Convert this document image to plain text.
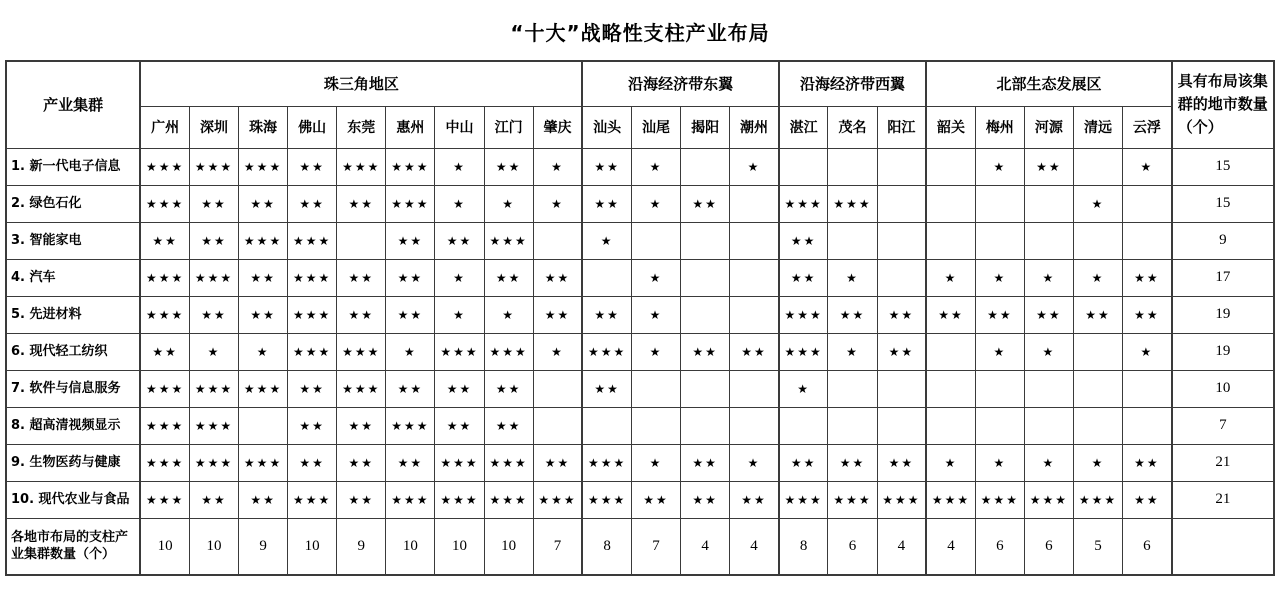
“十大”战略性支柱产业布局
产业集群	珠三角地区									沿海经济带东翼				沿海经济带西翼			北部生态发展区					具有布局该集群的地市数量（个）
	广州	深圳	珠海	佛山	东莞	惠州	中山	江门	肇庆	汕头	汕尾	揭阳	潮州	湛江	茂名	阳江	韶关	梅州	河源	清远	云浮	
1. 新一代电子信息	★★★	★★★	★★★	★★	★★★	★★★	★	★★	★	★★	★		★					★	★★		★	15
2. 绿色石化	★★★	★★	★★	★★	★★	★★★	★	★	★	★★	★	★★		★★★	★★★					★		15
3. 智能家电	★★	★★	★★★	★★★		★★	★★	★★★		★				★★								9
4. 汽车	★★★	★★★	★★	★★★	★★	★★	★	★★	★★		★			★★	★		★	★	★	★	★★	17
5. 先进材料	★★★	★★	★★	★★★	★★	★★	★	★	★★	★★	★			★★★	★★	★★	★★	★★	★★	★★	★★	19
6. 现代轻工纺织	★★	★	★	★★★	★★★	★	★★★	★★★	★	★★★	★	★★	★★	★★★	★	★★		★	★		★	19
7. 软件与信息服务	★★★	★★★	★★★	★★	★★★	★★	★★	★★		★★				★								10
8. 超高清视频显示	★★★	★★★		★★	★★	★★★	★★	★★														7
9. 生物医药与健康	★★★	★★★	★★★	★★	★★	★★	★★★	★★★	★★	★★★	★	★★	★	★★	★★	★★	★	★	★	★	★★	21
10. 现代农业与食品	★★★	★★	★★	★★★	★★	★★★	★★★	★★★	★★★	★★★	★★	★★	★★	★★★	★★★	★★★	★★★	★★★	★★★	★★★	★★	21
各地市布局的支柱产业集群数量（个）	10	10	9	10	9	10	10	10	7	8	7	4	4	8	6	4	4	6	6	5	6	
